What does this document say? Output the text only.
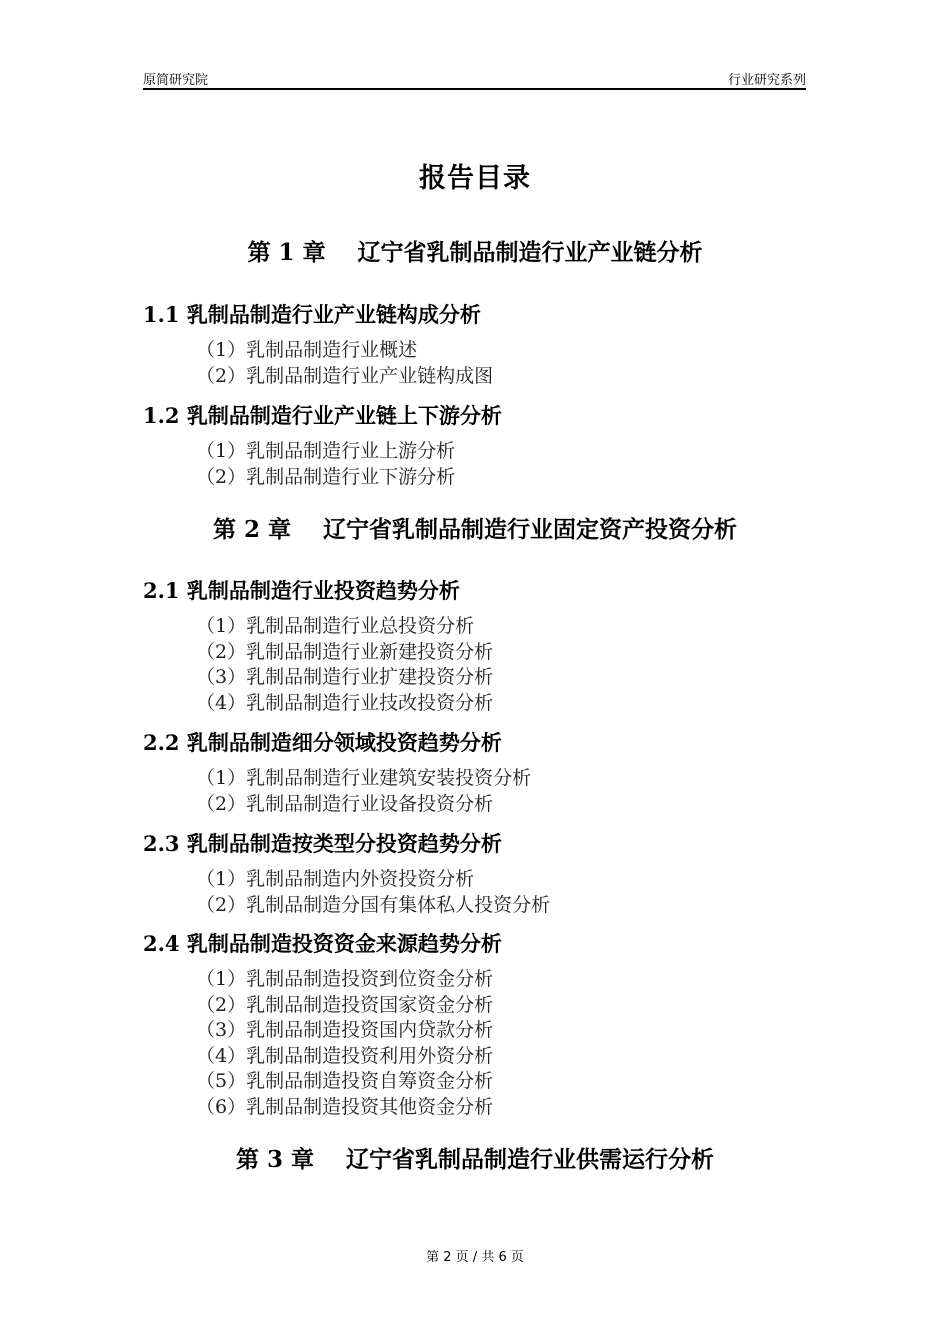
原简研究院	行业研究系列
报告目录
第 1 章    辽宁省乳制品制造行业产业链分析
1.1 乳制品制造行业产业链构成分析
（1）乳制品制造行业概述
（2）乳制品制造行业产业链构成图
1.2 乳制品制造行业产业链上下游分析
（1）乳制品制造行业上游分析
（2）乳制品制造行业下游分析
第 2 章    辽宁省乳制品制造行业固定资产投资分析
2.1 乳制品制造行业投资趋势分析
（1）乳制品制造行业总投资分析
（2）乳制品制造行业新建投资分析
（3）乳制品制造行业扩建投资分析
（4）乳制品制造行业技改投资分析
2.2 乳制品制造细分领域投资趋势分析
（1）乳制品制造行业建筑安装投资分析
（2）乳制品制造行业设备投资分析
2.3 乳制品制造按类型分投资趋势分析
（1）乳制品制造内外资投资分析
（2）乳制品制造分国有集体私人投资分析
2.4 乳制品制造投资资金来源趋势分析
（1）乳制品制造投资到位资金分析
（2）乳制品制造投资国家资金分析
（3）乳制品制造投资国内贷款分析
（4）乳制品制造投资利用外资分析
（5）乳制品制造投资自筹资金分析
（6）乳制品制造投资其他资金分析
第 3 章    辽宁省乳制品制造行业供需运行分析
第 2 页 / 共 6 页
